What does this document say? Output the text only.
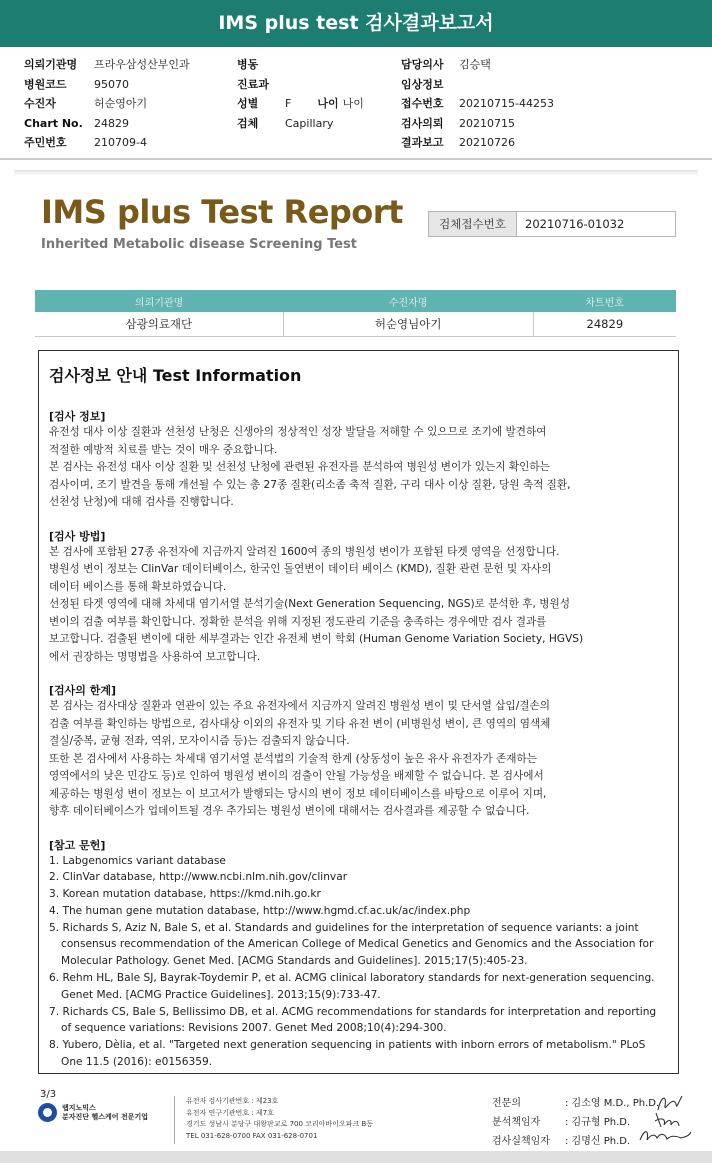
IMS plus test 검사결과보고서
의뢰기관명	프라우삼성산부인과
병원코드	95070
수진자	허순영아기
Chart No.	24829
주민번호	210709-4
병동
진료과
성별	F 나이 나이
검체	Capillary
담당의사	김승택
임상정보
접수번호	20210715-44253
검사의뢰	20210715
결과보고	20210726
IMS plus Test Report
Inherited Metabolic disease Screening Test
검체접수번호	20210716-01032
의뢰기관명	수진자명	차트번호
삼광의료재단	허순영님아기	24829
검사정보 안내 Test Information
[검사 정보]
유전성 대사 이상 질환과 선천성 난청은 신생아의 정상적인 성장 발달을 저해할 수 있으므로 조기에 발견하여
적절한 예방적 치료를 받는 것이 매우 중요합니다.
본 검사는 유전성 대사 이상 질환 및 선천성 난청에 관련된 유전자를 분석하여 병원성 변이가 있는지 확인하는
검사이며, 조기 발견을 통해 개선될 수 있는 총 27종 질환(리소좀 축적 질환, 구리 대사 이상 질환, 당원 축적 질환,
선천성 난청)에 대해 검사를 진행합니다.
[검사 방법]
본 검사에 포함된 27종 유전자에 지금까지 알려진 1600여 종의 병원성 변이가 포함된 타겟 영역을 선정합니다.
병원성 변이 정보는 ClinVar 데이터베이스, 한국인 돌연변이 데이터 베이스 (KMD), 질환 관련 문헌 및 자사의
데이터 베이스를 통해 확보하였습니다.
선정된 타겟 영역에 대해 차세대 염기서열 분석기술(Next Generation Sequencing, NGS)로 분석한 후, 병원성
변이의 검출 여부를 확인합니다. 정확한 분석을 위해 지정된 정도관리 기준을 충족하는 경우에만 검사 결과를
보고합니다. 검출된 변이에 대한 세부결과는 인간 유전체 변이 학회 (Human Genome Variation Society, HGVS)
에서 권장하는 명명법을 사용하여 보고합니다.
[검사의 한계]
본 검사는 검사대상 질환과 연관이 있는 주요 유전자에서 지금까지 알려진 병원성 변이 및 단서열 삽입/결손의
검출 여부를 확인하는 방법으로, 검사대상 이외의 유전자 및 기타 유전 변이 (비병원성 변이, 큰 영역의 염색체
결실/중복, 균형 전좌, 역위, 모자이시즘 등)는 검출되지 않습니다.
또한 본 검사에서 사용하는 차세대 염기서열 분석법의 기술적 한계 (상동성이 높은 유사 유전자가 존재하는
영역에서의 낮은 민감도 등)로 인하여 병원성 변이의 검출이 안될 가능성을 배제할 수 없습니다. 본 검사에서
제공하는 병원성 변이 정보는 이 보고서가 발행되는 당시의 변이 정보 데이터베이스를 바탕으로 이루어 지며,
향후 데이터베이스가 업데이트될 경우 추가되는 병원성 변이에 대해서는 검사결과를 제공할 수 없습니다.
[참고 문헌]
1. Labgenomics variant database
2. ClinVar database, http://www.ncbi.nlm.nih.gov/clinvar
3. Korean mutation database, https://kmd.nih.go.kr
4. The human gene mutation database, http://www.hgmd.cf.ac.uk/ac/index.php
5. Richards S, Aziz N, Bale S, et al. Standards and guidelines for the interpretation of sequence variants: a joint consensus recommendation of the American College of Medical Genetics and Genomics and the Association for Molecular Pathology. Genet Med. [ACMG Standards and Guidelines]. 2015;17(5):405-23.
6. Rehm HL, Bale SJ, Bayrak-Toydemir P, et al. ACMG clinical laboratory standards for next-generation sequencing. Genet Med. [ACMG Practice Guidelines]. 2013;15(9):733-47.
7. Richards CS, Bale S, Bellissimo DB, et al. ACMG recommendations for standards for interpretation and reporting of sequence variations: Revisions 2007. Genet Med 2008;10(4):294-300.
8. Yubero, Dèlia, et al. "Targeted next generation sequencing in patients with inborn errors of metabolism." PLoS One 11.5 (2016): e0156359.
3/3
랩지노믹스
분자진단 헬스케어 전문기업
유전자 검사기관번호 : 제23호
유전자 연구기관번호 : 제7호
경기도 성남시 분당구 대왕판교로 700 코리아바이오파크 B동
TEL 031-628-0700 FAX 031-628-0701
전문의	: 김소영 M.D., Ph.D.
분석책임자	: 김규형 Ph.D.
검사실책임자	: 김명신 Ph.D.
